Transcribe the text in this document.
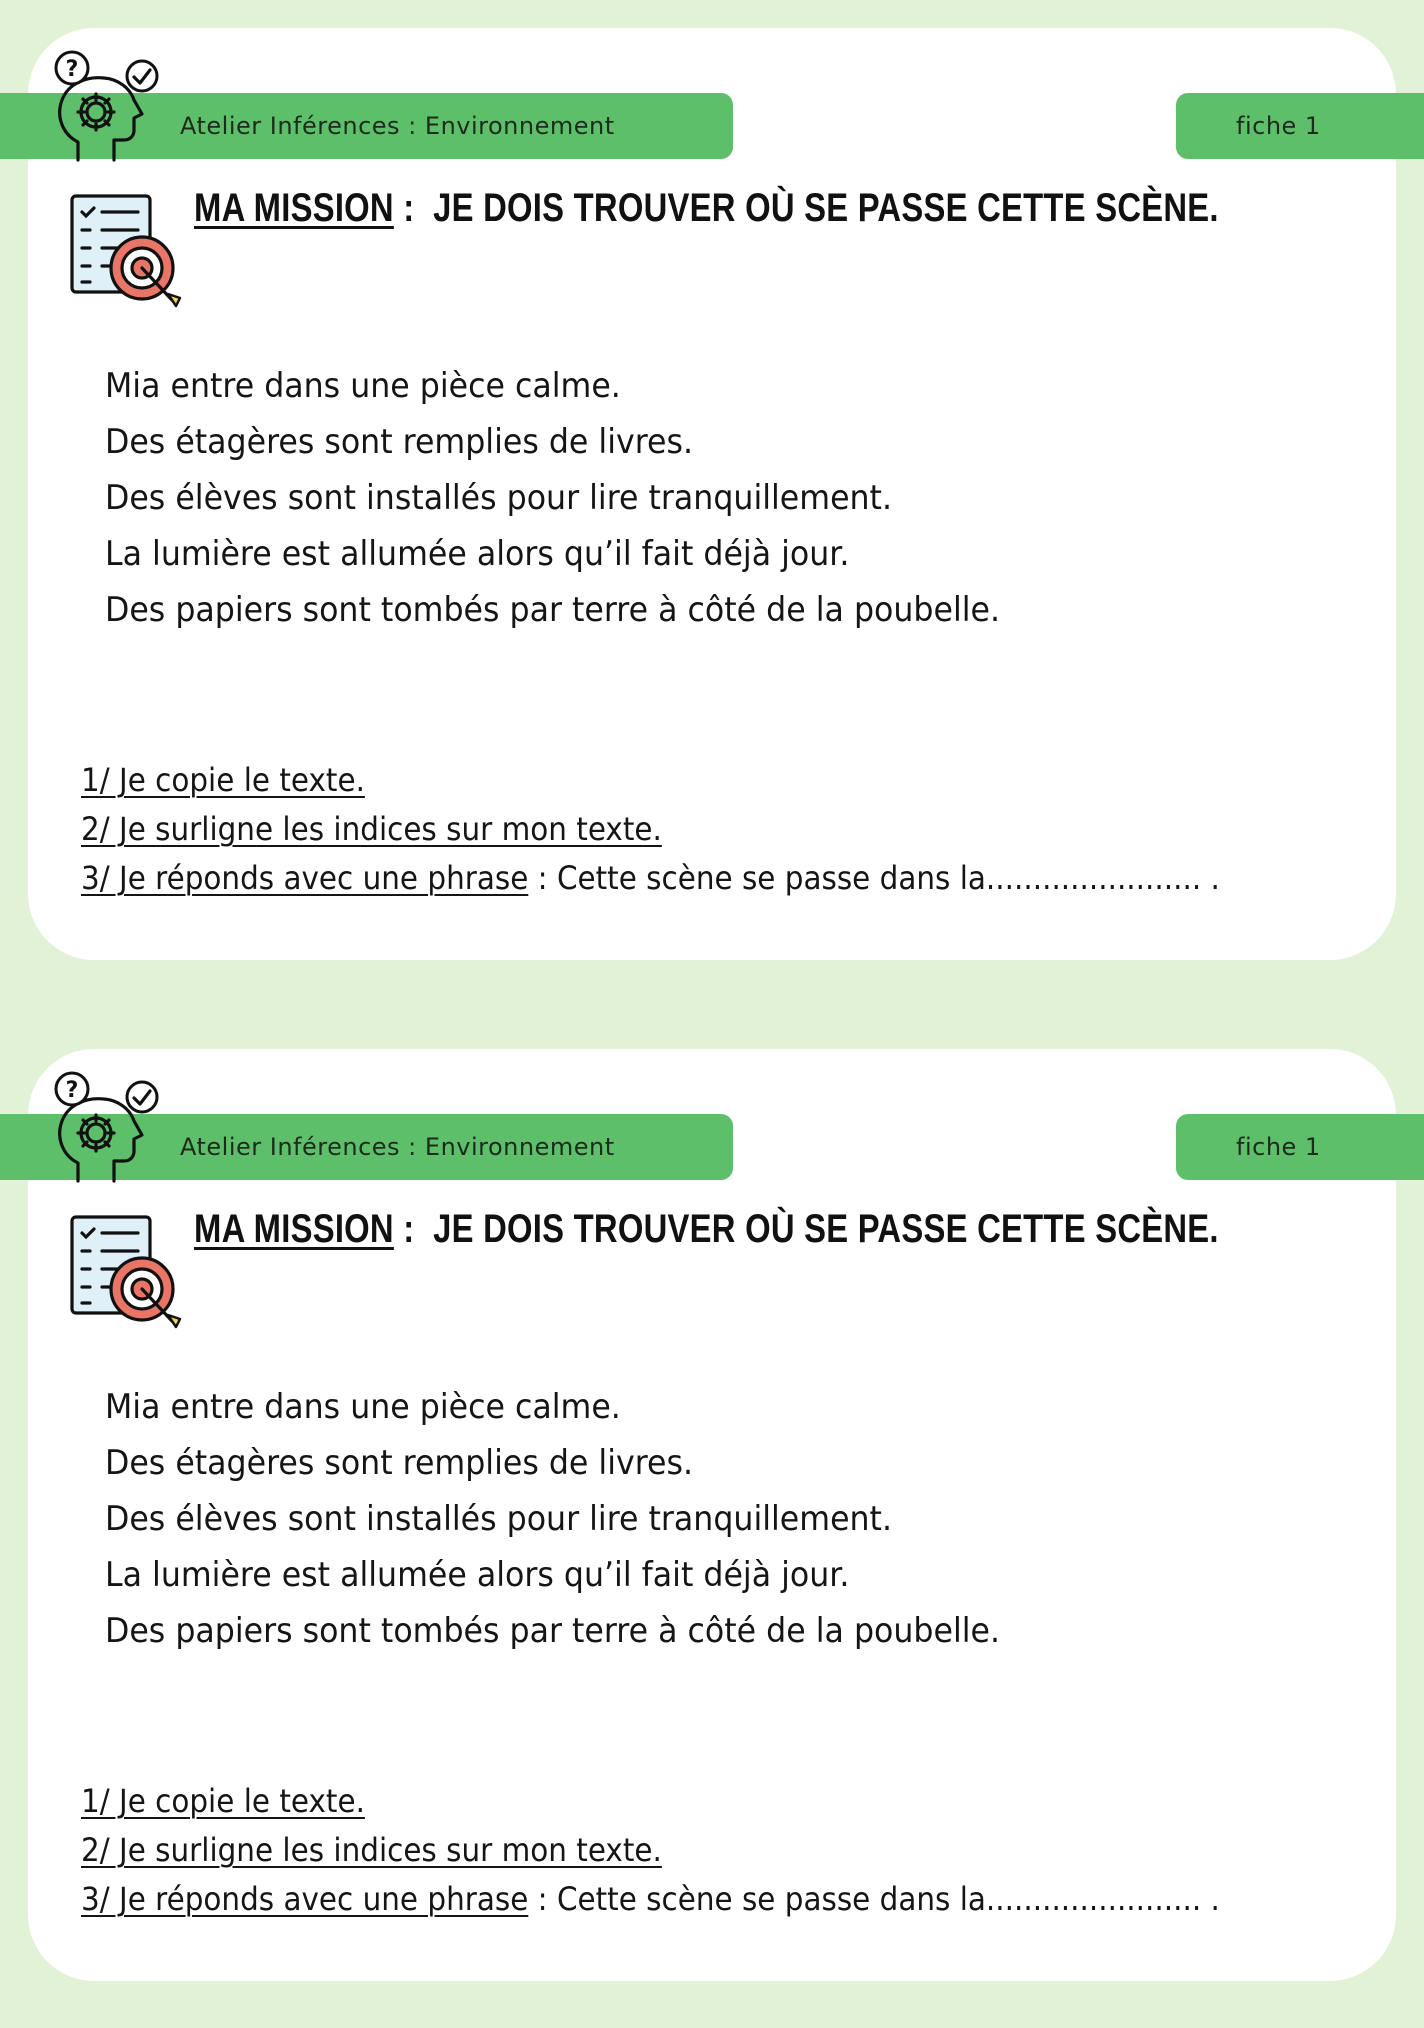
?
Atelier Inférences : Environnement	fiche 1
MA MISSION :  JE DOIS TROUVER OÙ SE PASSE CETTE SCÈNE.
Mia entre dans une pièce calme.
Des étagères sont remplies de livres.
Des élèves sont installés pour lire tranquillement.
La lumière est allumée alors qu’il fait déjà jour.
Des papiers sont tombés par terre à côté de la poubelle.
1/ Je copie le texte.
2/ Je surligne les indices sur mon texte.
3/ Je réponds avec une phrase : Cette scène se passe dans la....................... .
?
Atelier Inférences : Environnement	fiche 1
MA MISSION :  JE DOIS TROUVER OÙ SE PASSE CETTE SCÈNE.
Mia entre dans une pièce calme.
Des étagères sont remplies de livres.
Des élèves sont installés pour lire tranquillement.
La lumière est allumée alors qu’il fait déjà jour.
Des papiers sont tombés par terre à côté de la poubelle.
1/ Je copie le texte.
2/ Je surligne les indices sur mon texte.
3/ Je réponds avec une phrase : Cette scène se passe dans la....................... .
